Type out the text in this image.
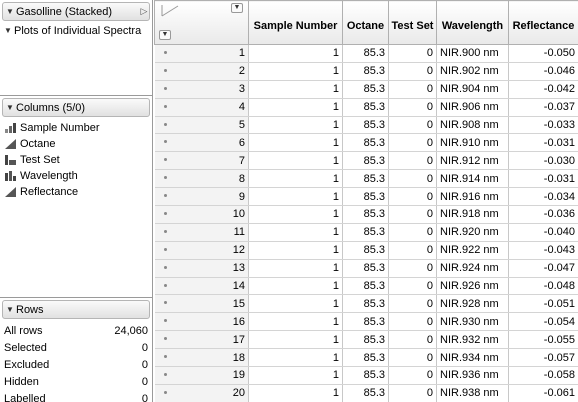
▼ Gasolline (Stacked)	▷
▼ Plots of Individual Spectra
▼ Columns (5/0)
Sample Number
Octane
Test Set
Wavelength
Reflectance
▼ Rows
All rows	24,060
Selected	0
Excluded	0
Hidden	0
Labelled	0
▼
▼	Sample Number	Octane	Test Set	Wavelength	Reflectance

1	1	85.3	0	NIR.900 nm	-0.050

2	1	85.3	0	NIR.902 nm	-0.046

3	1	85.3	0	NIR.904 nm	-0.042

4	1	85.3	0	NIR.906 nm	-0.037

5	1	85.3	0	NIR.908 nm	-0.033

6	1	85.3	0	NIR.910 nm	-0.031

7	1	85.3	0	NIR.912 nm	-0.030

8	1	85.3	0	NIR.914 nm	-0.031

9	1	85.3	0	NIR.916 nm	-0.034

10	1	85.3	0	NIR.918 nm	-0.036

11	1	85.3	0	NIR.920 nm	-0.040

12	1	85.3	0	NIR.922 nm	-0.043

13	1	85.3	0	NIR.924 nm	-0.047

14	1	85.3	0	NIR.926 nm	-0.048

15	1	85.3	0	NIR.928 nm	-0.051

16	1	85.3	0	NIR.930 nm	-0.054

17	1	85.3	0	NIR.932 nm	-0.055

18	1	85.3	0	NIR.934 nm	-0.057

19	1	85.3	0	NIR.936 nm	-0.058

20	1	85.3	0	NIR.938 nm	-0.061
